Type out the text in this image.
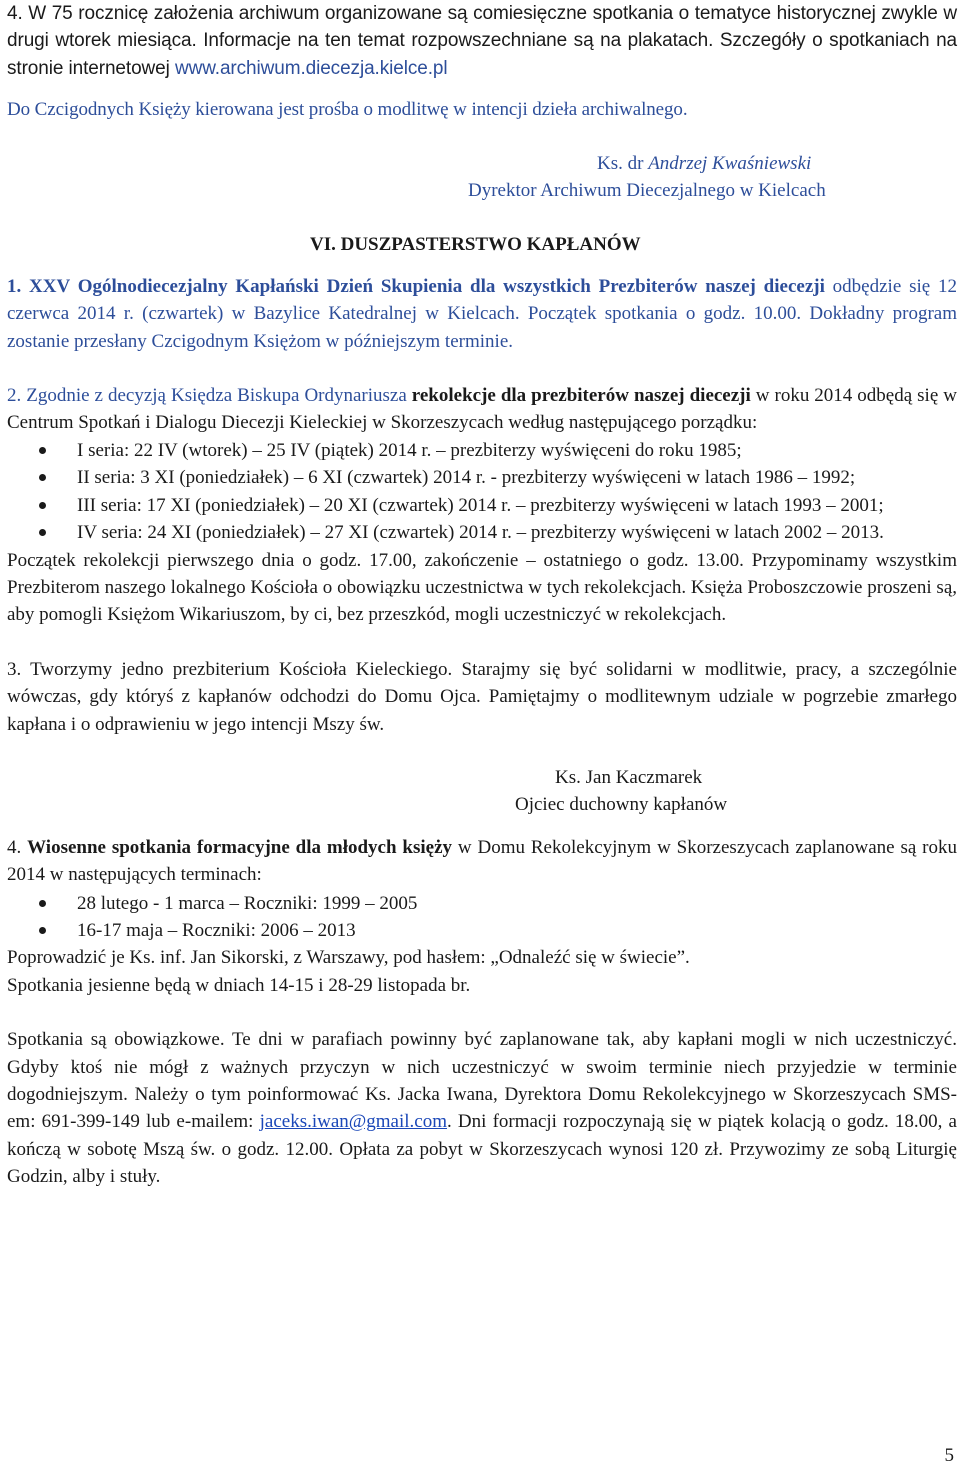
4. W 75 rocznicę założenia archiwum organizowane są comiesięczne spotkania o tematyce historycznej zwykle w drugi wtorek miesiąca. Informacje na ten temat rozpowszechniane są na plakatach. Szczegóły o spotkaniach na stronie internetowej www.archiwum.diecezja.kielce.pl

Do Czcigodnych Księży kierowana jest prośba o modlitwę w intencji dzieła archiwalnego.

Ks. dr Andrzej Kwaśniewski

Dyrektor Archiwum Diecezjalnego w Kielcach

VI. DUSZPASTERSTWO KAPŁANÓW

1. XXV Ogólnodiecezjalny Kapłański Dzień Skupienia dla wszystkich Prezbiterów naszej diecezji odbędzie się 12 czerwca 2014 r. (czwartek) w Bazylice Katedralnej w Kielcach. Początek spotkania o godz. 10.00. Dokładny program zostanie przesłany Czcigodnym Księżom w późniejszym terminie.

2. Zgodnie z decyzją Księdza Biskupa Ordynariusza rekolekcje dla prezbiterów naszej diecezji w roku 2014 odbędą się w Centrum Spotkań i Dialogu Diecezji Kieleckiej w Skorzeszycach według następującego porządku:

I seria: 22 IV (wtorek) – 25 IV (piątek) 2014 r. – prezbiterzy wyświęceni do roku 1985;
II seria: 3 XI (poniedziałek) – 6 XI (czwartek) 2014 r. - prezbiterzy wyświęceni w latach 1986 – 1992;
III seria: 17 XI (poniedziałek) – 20 XI (czwartek) 2014 r. – prezbiterzy wyświęceni w latach 1993 – 2001;
IV seria: 24 XI (poniedziałek) – 27 XI (czwartek) 2014 r. – prezbiterzy wyświęceni w latach 2002 – 2013.

Początek rekolekcji pierwszego dnia o godz. 17.00, zakończenie – ostatniego o godz. 13.00. Przypominamy wszystkim Prezbiterom naszego lokalnego Kościoła o obowiązku uczestnictwa w tych rekolekcjach. Księża Proboszczowie proszeni są, aby pomogli Księżom Wikariuszom, by ci, bez przeszkód, mogli uczestniczyć w rekolekcjach.

3. Tworzymy jedno prezbiterium Kościoła Kieleckiego. Starajmy się być solidarni w modlitwie, pracy, a szczególnie wówczas, gdy któryś z kapłanów odchodzi do Domu Ojca. Pamiętajmy o modlitewnym udziale w pogrzebie zmarłego kapłana i o odprawieniu w jego intencji Mszy św.

Ks. Jan Kaczmarek

Ojciec duchowny kapłanów

4. Wiosenne spotkania formacyjne dla młodych księży w Domu Rekolekcyjnym w Skorzeszycach zaplanowane są roku 2014 w następujących terminach:

28 lutego - 1 marca – Roczniki: 1999 – 2005
16-17 maja – Roczniki: 2006 – 2013

Poprowadzić je Ks. inf. Jan Sikorski, z Warszawy, pod hasłem: „Odnaleźć się w świecie”.

Spotkania jesienne będą w dniach 14-15 i 28-29 listopada br.

Spotkania są obowiązkowe. Te dni w parafiach powinny być zaplanowane tak, aby kapłani mogli w nich uczestniczyć. Gdyby ktoś nie mógł z ważnych przyczyn w nich uczestniczyć w swoim terminie niech przyjedzie w terminie dogodniejszym. Należy o tym poinformować Ks. Jacka Iwana, Dyrektora Domu Rekolekcyjnego w Skorzeszycach SMS-em: 691-399-149 lub e-mailem: jaceks.iwan@gmail.com. Dni formacji rozpoczynają się w piątek kolacją o godz. 18.00, a kończą w sobotę Mszą św. o godz. 12.00. Opłata za pobyt w Skorzeszycach wynosi 120 zł. Przywozimy ze sobą Liturgię Godzin, alby i stuły.

5
